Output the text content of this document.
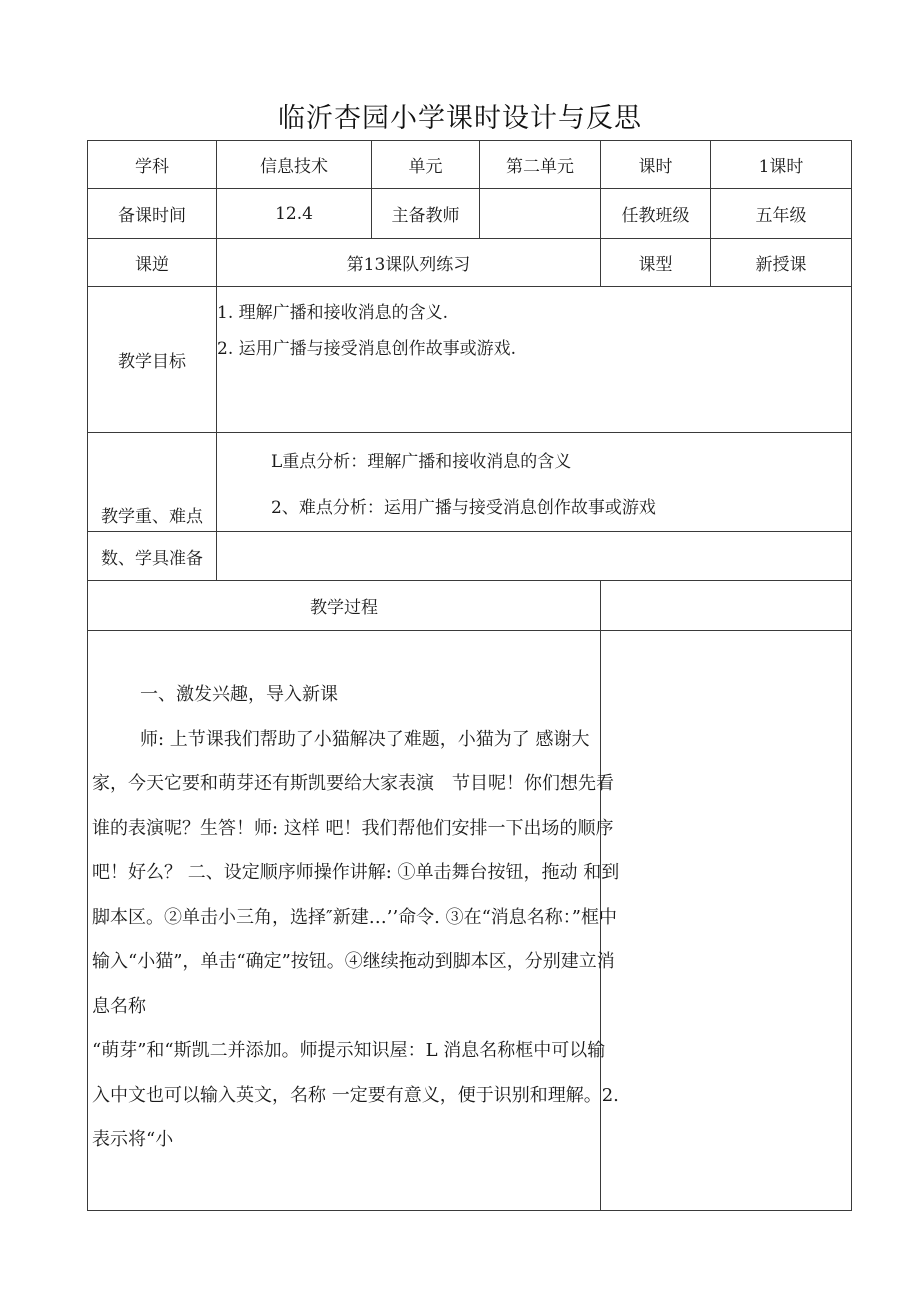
临沂杏园小学课时设计与反思
学科	信息技术	单元	第二单元	课时	1课时
备课时间	12.4	主备教师		任教班级	五年级
课逆	第13课队列练习			课型	新授课
教学目标	1. 理解广播和接收消息的含义.
2. 运用广播与接受消息创作故事或游戏.				

教学重、难点	L重点分析：理解广播和接收消息的含义
2、难点分析：运用广播与接受消息创作故事或游戏				

数、学具准备					
教学过程					

一、激发兴趣，导入新课
师: 上节课我们帮助了小猫解决了难题，小猫为了 感谢大家，今天它要和萌芽还有斯凯要给大家表演　节目呢！你们想先看谁的表演呢？生答！师: 这样 吧！我们帮他们安排一下出场的顺序吧！好么？ 二、设定顺序师操作讲解: ①单击舞台按钮，拖动 和到脚本区。②单击小三角，选择″新建…’’命令. ③在“消息名称：”框中输入“小猫”，单击“确定”按钮。④继续拖动到脚本区，分别建立消息名称
“萌芽”和“斯凯二并添加。师提示知识屋：L 消息名称框中可以输入中文也可以输入英文，名称 一定要有意义，便于识别和理解。2.表示将“小					
